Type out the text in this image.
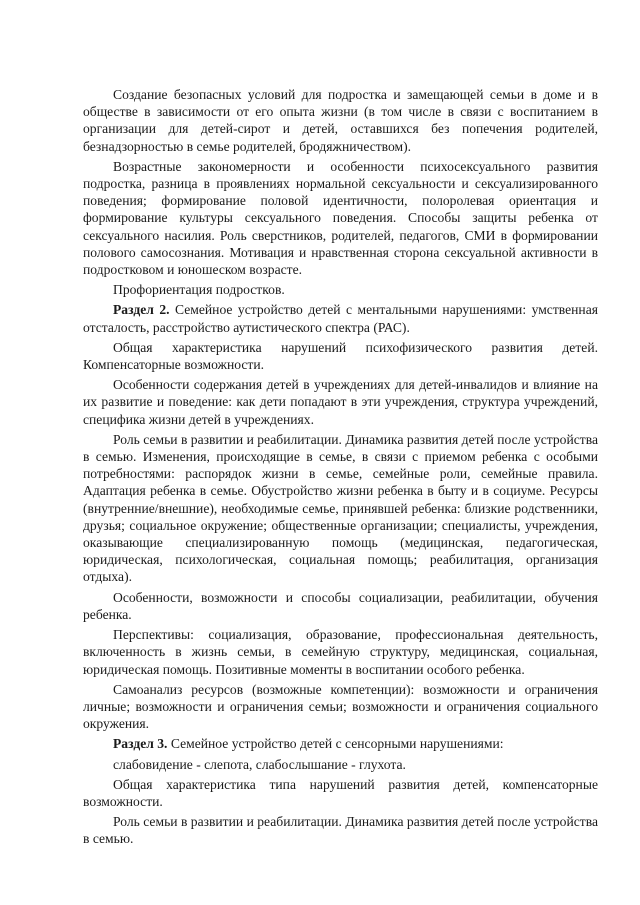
Создание безопасных условий для подростка и замещающей семьи в доме и в обществе в зависимости от его опыта жизни (в том числе в связи с воспитанием в организации для детей-сирот и детей, оставшихся без попечения родителей, безнадзорностью в семье родителей, бродяжничеством).

Возрастные закономерности и особенности психосексуального развития подростка, разница в проявлениях нормальной сексуальности и сексуализированного поведения; формирование половой идентичности, полоролевая ориентация и формирование культуры сексуального поведения. Способы защиты ребенка от сексуального насилия. Роль сверстников, родителей, педагогов, СМИ в формировании полового самосознания. Мотивация и нравственная сторона сексуальной активности в подростковом и юношеском возрасте.

Профориентация подростков.

Раздел 2. Семейное устройство детей с ментальными нарушениями: умственная отсталость, расстройство аутистического спектра (РАС).

Общая характеристика нарушений психофизического развития детей. Компенсаторные возможности.

Особенности содержания детей в учреждениях для детей-инвалидов и влияние на их развитие и поведение: как дети попадают в эти учреждения, структура учреждений, специфика жизни детей в учреждениях.

Роль семьи в развитии и реабилитации. Динамика развития детей после устройства в семью. Изменения, происходящие в семье, в связи с приемом ребенка с особыми потребностями: распорядок жизни в семье, семейные роли, семейные правила. Адаптация ребенка в семье. Обустройство жизни ребенка в быту и в социуме. Ресурсы (внутренние/внешние), необходимые семье, принявшей ребенка: близкие родственники, друзья; социальное окружение; общественные организации; специалисты, учреждения, оказывающие специализированную помощь (медицинская, педагогическая, юридическая, психологическая, социальная помощь; реабилитация, организация отдыха).

Особенности, возможности и способы социализации, реабилитации, обучения ребенка.

Перспективы: социализация, образование, профессиональная деятельность, включенность в жизнь семьи, в семейную структуру, медицинская, социальная, юридическая помощь. Позитивные моменты в воспитании особого ребенка.

Самоанализ ресурсов (возможные компетенции): возможности и ограничения личные; возможности и ограничения семьи; возможности и ограничения социального окружения.

Раздел 3. Семейное устройство детей с сенсорными нарушениями:

слабовидение - слепота, слабослышание - глухота.

Общая характеристика типа нарушений развития детей, компенсаторные возможности.

Роль семьи в развитии и реабилитации. Динамика развития детей после устройства в семью.
